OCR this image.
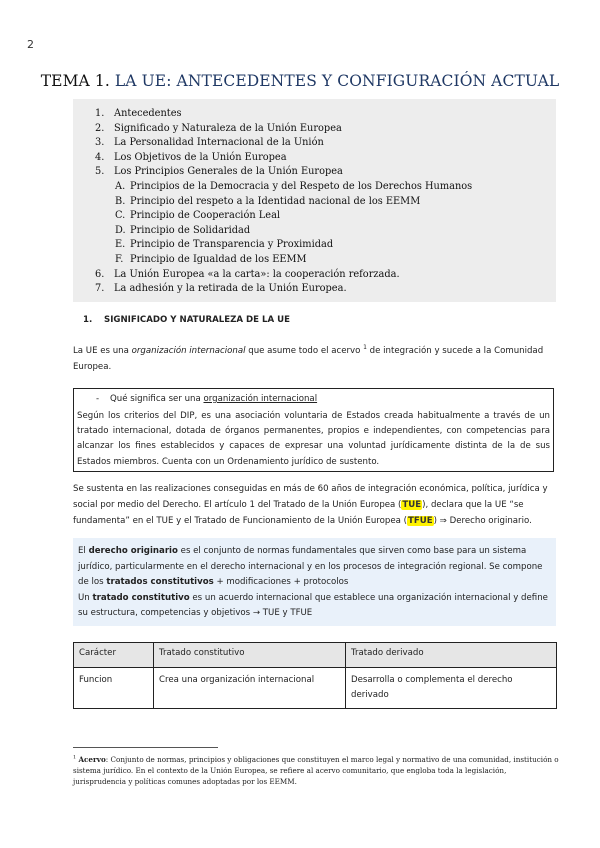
2
TEMA 1. LA UE: ANTECEDENTES Y CONFIGURACIÓN ACTUAL
1. Antecedentes
2. Significado y Naturaleza de la Unión Europea
3. La Personalidad Internacional de la Unión
4. Los Objetivos de la Unión Europea
5. Los Principios Generales de la Unión Europea
A. Principios de la Democracia y del Respeto de los Derechos Humanos
B. Principio del respeto a la Identidad nacional de los EEMM
C. Principio de Cooperación Leal
D. Principio de Solidaridad
E. Principio de Transparencia y Proximidad
F. Principio de Igualdad de los EEMM
6. La Unión Europea «a la carta»: la cooperación reforzada.
7. La adhesión y la retirada de la Unión Europea.
1. SIGNIFICADO Y NATURALEZA DE LA UE
La UE es una organización internacional que asume todo el acervo $^1$ de integración y sucede a la Comunidad Europea.
- Qué significa ser una organización internacional
Según los criterios del DIP, es una asociación voluntaria de Estados creada habitualmente a través de un tratado internacional, dotada de órganos permanentes, propios e independientes, con competencias para alcanzar los fines establecidos y capaces de expresar una voluntad jurídicamente distinta de la de sus Estados miembros. Cuenta con un Ordenamiento jurídico de sustento.
Se sustenta en las realizaciones conseguidas en más de 60 años de integración económica, política, jurídica y social por medio del Derecho. El artículo 1 del Tratado de la Unión Europea (TUE), declara que la UE “se fundamenta” en el TUE y el Tratado de Funcionamiento de la Unión Europea (TFUE) ⇒ Derecho originario.
El derecho originario es el conjunto de normas fundamentales que sirven como base para un sistema jurídico, particularmente en el derecho internacional y en los procesos de integración regional. Se compone de los tratados constitutivos + modificaciones + protocolos
Un tratado constitutivo es un acuerdo internacional que establece una organización internacional y define su estructura, competencias y objetivos → TUE y TFUE
Carácter	Tratado constitutivo	Tratado derivado
Funcion	Crea una organización internacional	Desarrolla o complementa el derecho derivado
$^1$ Acervo: Conjunto de normas, principios y obligaciones que constituyen el marco legal y normativo de una comunidad, institución o sistema jurídico. En el contexto de la Unión Europea, se refiere al acervo comunitario, que engloba toda la legislación, jurisprudencia y políticas comunes adoptadas por los EEMM.
